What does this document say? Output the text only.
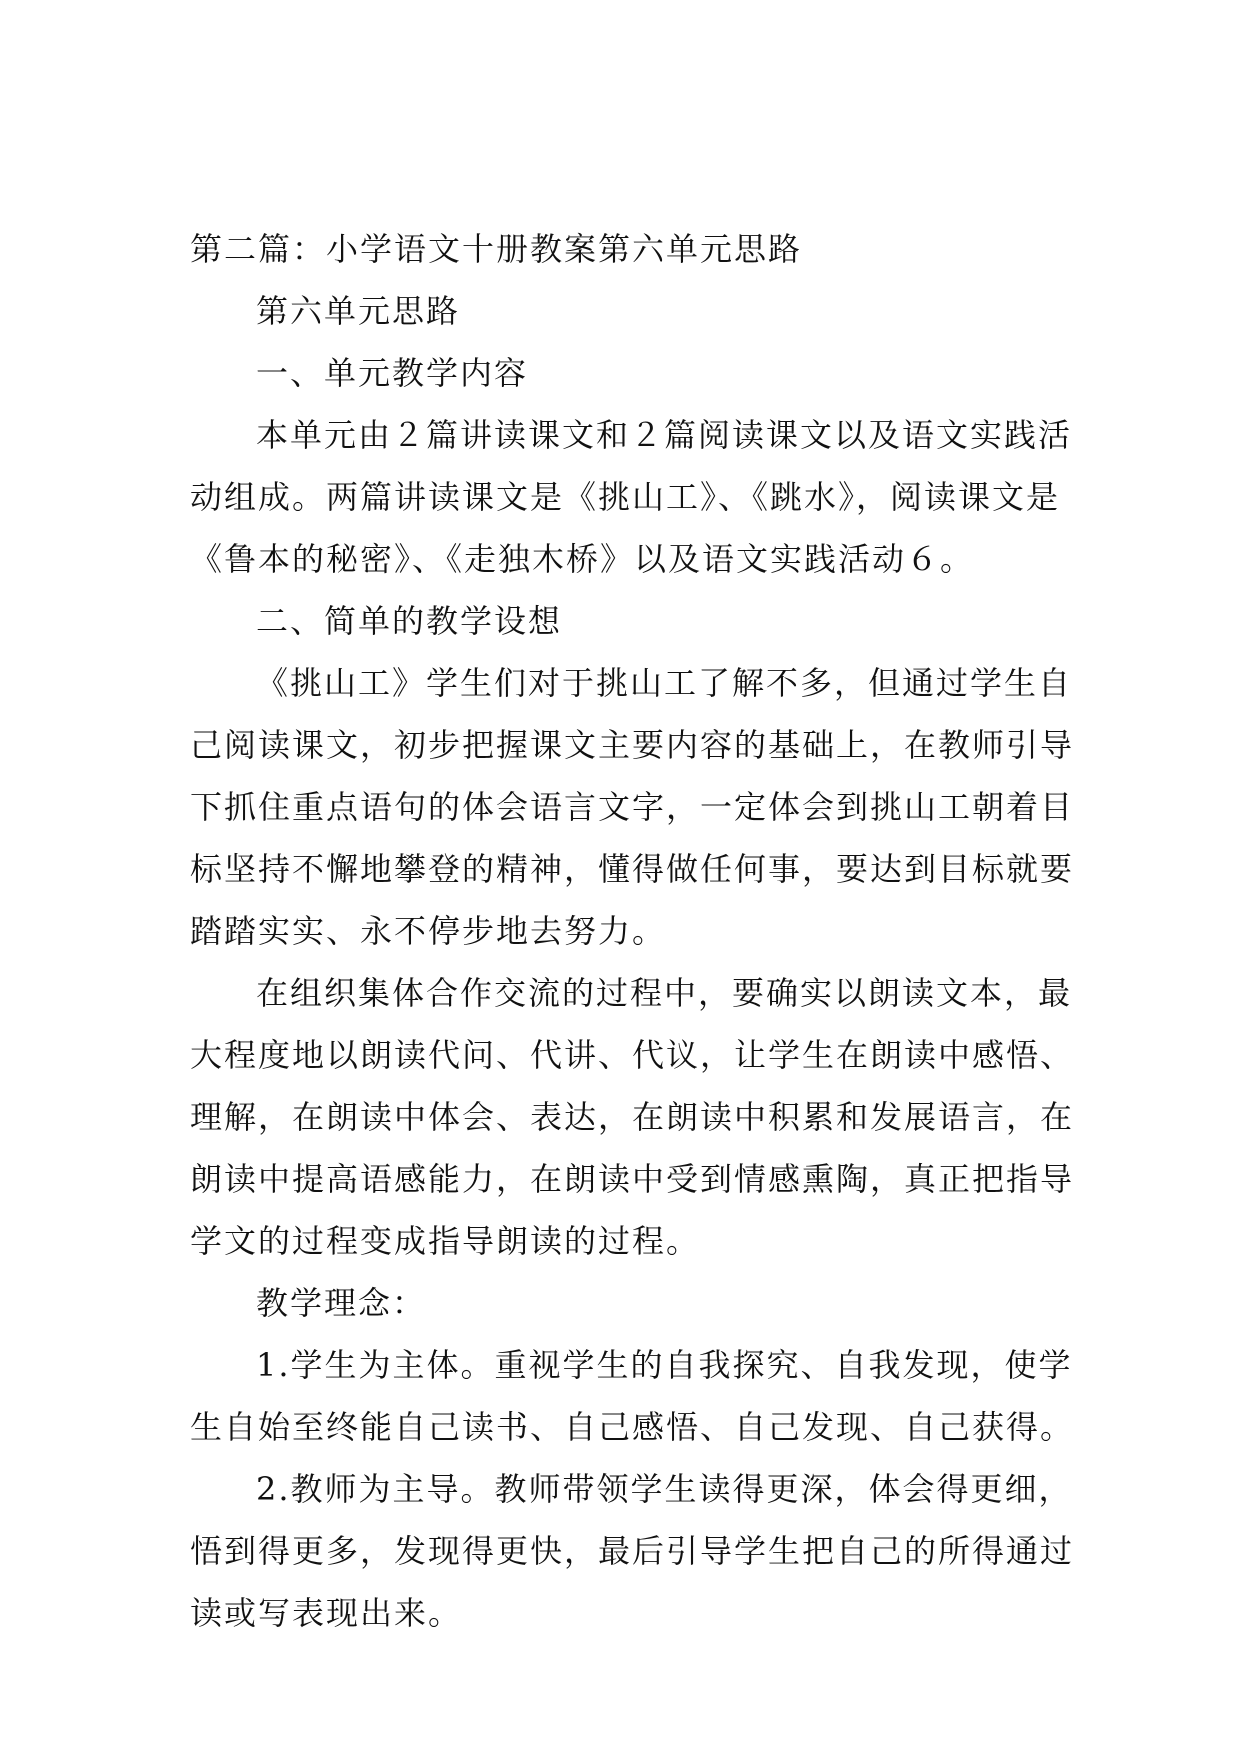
第二篇：小学语文十册教案第六单元思路
第六单元思路
一、单元教学内容
本单元由２篇讲读课文和２篇阅读课文以及语文实践活
动组成。两篇讲读课文是《挑山工》、《跳水》，阅读课文是
《鲁本的秘密》、《走独木桥》以及语文实践活动６。
二、简单的教学设想
《挑山工》学生们对于挑山工了解不多，但通过学生自
己阅读课文，初步把握课文主要内容的基础上，在教师引导
下抓住重点语句的体会语言文字，一定体会到挑山工朝着目
标坚持不懈地攀登的精神，懂得做任何事，要达到目标就要
踏踏实实、永不停步地去努力。
在组织集体合作交流的过程中，要确实以朗读文本，最
大程度地以朗读代问、代讲、代议，让学生在朗读中感悟、
理解，在朗读中体会、表达，在朗读中积累和发展语言，在
朗读中提高语感能力，在朗读中受到情感熏陶，真正把指导
学文的过程变成指导朗读的过程。
教学理念：
1.学生为主体。重视学生的自我探究、自我发现，使学
生自始至终能自己读书、自己感悟、自己发现、自己获得。
2.教师为主导。教师带领学生读得更深，体会得更细，
悟到得更多，发现得更快，最后引导学生把自己的所得通过
读或写表现出来。
